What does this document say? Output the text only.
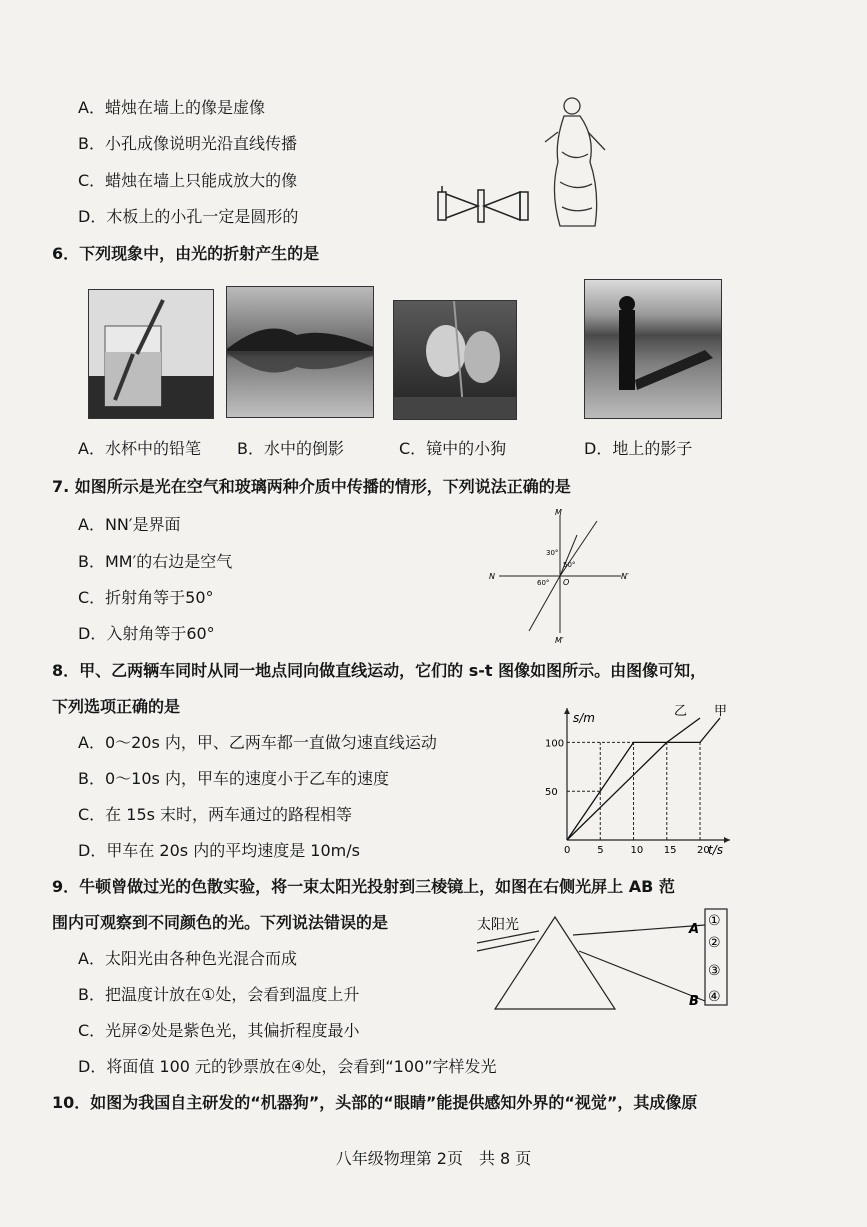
A．蜡烛在墙上的像是虚像
B．小孔成像说明光沿直线传播
C．蜡烛在墙上只能成放大的像
D．木板上的小孔一定是圆形的
6．下列现象中，由光的折射产生的是
A．水杯中的铅笔 B．水中的倒影	C．镜中的小狗	D．地上的影子
7. 如图所示是光在空气和玻璃两种介质中传播的情形，下列说法正确的是
A．NN′是界面
B．MM′的右边是空气
C．折射角等于50°
D．入射角等于60°
M
M′
N	N′
O
30°
50°
60°
8．甲、乙两辆车同时从同一地点同向做直线运动，它们的 s-t 图像如图所示。由图像可知，
下列选项正确的是
A．0～20s 内，甲、乙两车都一直做匀速直线运动
B．0～10s 内，甲车的速度小于乙车的速度
C．在 15s 末时，两车通过的路程相等
D．甲车在 20s 内的平均速度是 10m/s
s/m
t/s
0	5	10 15 20
50
100
甲
乙
9．牛顿曾做过光的色散实验，将一束太阳光投射到三棱镜上，如图在右侧光屏上 AB 范
围内可观察到不同颜色的光。下列说法错误的是
A．太阳光由各种色光混合而成
B．把温度计放在①处，会看到温度上升
C．光屏②处是紫色光，其偏折程度最小
D．将面值 100 元的钞票放在④处，会看到“100”字样发光
太阳光	A
B
①
②
③
④
10．如图为我国自主研发的“机器狗”，头部的“眼睛”能提供感知外界的“视觉”，其成像原
八年级物理第 2页　共 8 页
